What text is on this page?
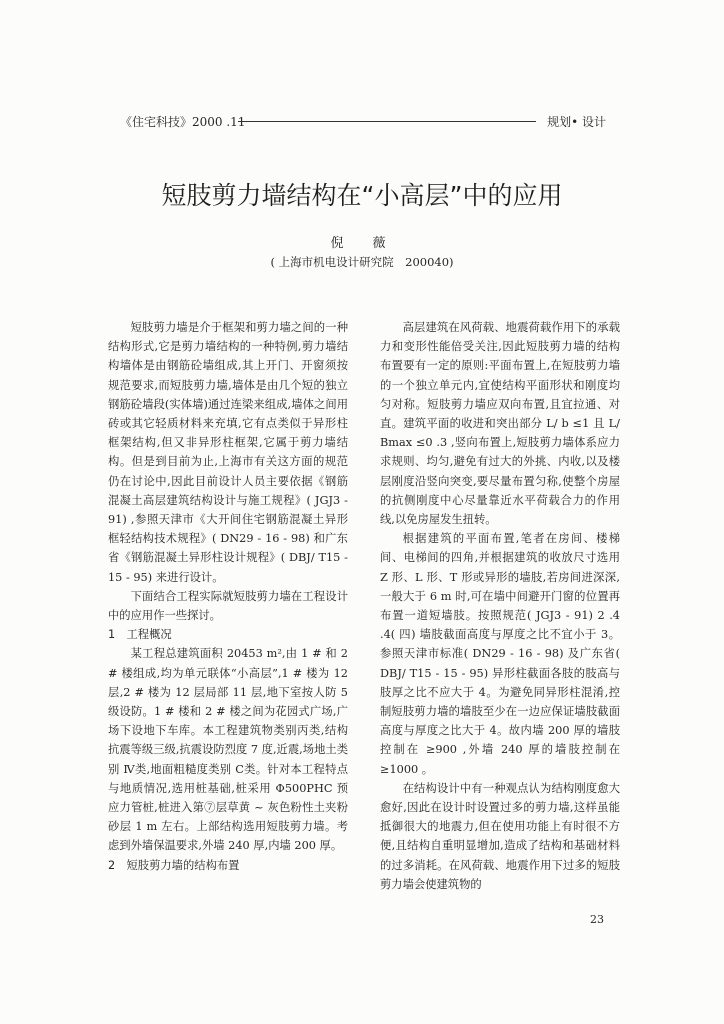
《住宅科技》2000 .11	规划• 设计
短肢剪力墙结构在“小高层”中的应用
倪　薇
( 上海市机电设计研究院　200040)

短肢剪力墙是介于框架和剪力墙之间的一种结构形式,它是剪力墙结构的一种特例,剪力墙结构墙体是由钢筋砼墙组成,其上开门、开窗须按规范要求,而短肢剪力墙,墙体是由几个短的独立钢筋砼墙段(实体墙)通过连梁来组成,墙体之间用砖或其它轻质材料来充填,它有点类似于异形柱框架结构,但又非异形柱框架,它属于剪力墙结构。但是到目前为止,上海市有关这方面的规范仍在讨论中,因此目前设计人员主要依据《钢筋混凝土高层建筑结构设计与施工规程》( JGJ3 - 91) ,参照天津市《大开间住宅钢筋混凝土异形框轻结构技术规程》( DN29 - 16 - 98) 和广东省《钢筋混凝土异形柱设计规程》( DBJ/ T15 - 15 - 95) 来进行设计。

下面结合工程实际就短肢剪力墙在工程设计中的应用作一些探讨。

1　工程概况

某工程总建筑面积 20453 m²,由 1 # 和 2 # 楼组成,均为单元联体“小高层”,1 # 楼为 12 层,2 # 楼为 12 层局部 11 层,地下室按人防 5 级设防。1 # 楼和 2 # 楼之间为花园式广场,广场下设地下车库。本工程建筑物类别丙类,结构抗震等级三级,抗震设防烈度 7 度,近震,场地土类别 Ⅳ类,地面粗糙度类别 C类。针对本工程特点与地质情况,选用桩基础,桩采用 Φ500PHC 预应力管桩,桩进入第⑦层草黄 ~ 灰色粉性土夹粉砂层 1 m 左右。上部结构选用短肢剪力墙。考虑到外墙保温要求,外墙 240 厚,内墙 200 厚。

2　短肢剪力墙的结构布置

高层建筑在风荷载、地震荷载作用下的承载力和变形性能倍受关注,因此短肢剪力墙的结构布置要有一定的原则:平面布置上,在短肢剪力墙的一个独立单元内,宜使结构平面形状和刚度均匀对称。短肢剪力墙应双向布置,且宜拉通、对直。建筑平面的收进和突出部分 L/ b ≤1 且 L/ Bmax ≤0 .3 ,竖向布置上,短肢剪力墙体系应力求规则、均匀,避免有过大的外挑、内收,以及楼层刚度沿竖向突变,要尽量布置匀称,使整个房屋的抗侧刚度中心尽量靠近水平荷载合力的作用线,以免房屋发生扭转。

根据建筑的平面布置,笔者在房间、楼梯间、电梯间的四角,并根据建筑的收放尺寸选用 Z 形、L 形、T 形或异形的墙肢,若房间进深深,一般大于 6 m 时,可在墙中间避开门窗的位置再布置一道短墙肢。按照规范( JGJ3 - 91) 2 .4 .4( 四) 墙肢截面高度与厚度之比不宜小于 3。参照天津市标准( DN29 - 16 - 98) 及广东省( DBJ/ T15 - 15 - 95) 异形柱截面各肢的肢高与肢厚之比不应大于 4。为避免同异形柱混淆,控制短肢剪力墙的墙肢至少在一边应保证墙肢截面高度与厚度之比大于 4。故内墙 200 厚的墙肢控制在 ≥900 ,外墙 240 厚的墙肢控制在 ≥1000 。

在结构设计中有一种观点认为结构刚度愈大愈好,因此在设计时设置过多的剪力墙,这样虽能抵御很大的地震力,但在使用功能上有时很不方便,且结构自重明显增加,造成了结构和基础材料的过多消耗。在风荷载、地震作用下过多的短肢剪力墙会使建筑物的

23
